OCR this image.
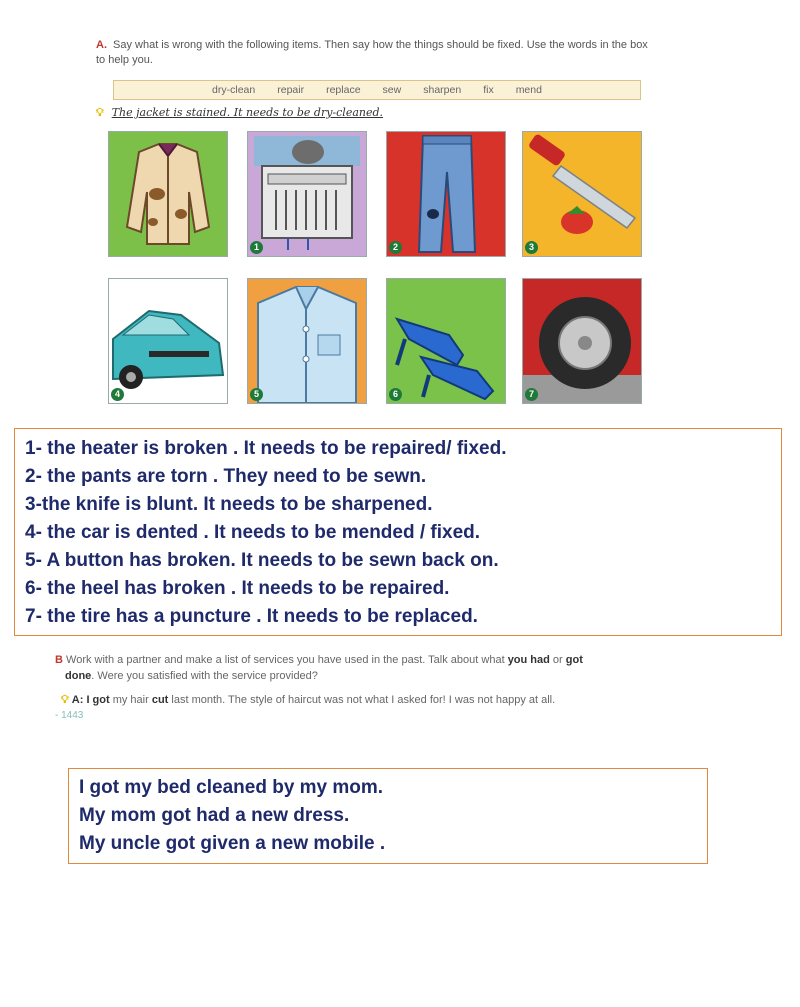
A. Say what is wrong with the following items. Then say how the things should be fixed. Use the words in the box to help you.
dry-clean repair replace sew sharpen fix mend
💡︎ The jacket is stained. It needs to be dry-cleaned.
1	2	3
4	5	6	7
1- the heater is broken . It needs to be repaired/ fixed.
2- the pants are torn . They need to be sewn.
3-the knife is blunt. It needs to be sharpened.
4- the car is dented . It needs to be mended / fixed.
5- A button has broken. It needs to be sewn back on.
6- the heel has broken . It needs to be repaired.
7- the tire has a puncture . It needs to be replaced.
B Work with a partner and make a list of services you have used in the past. Talk about what you had or got
done. Were you satisfied with the service provided?
💡︎ A: I got my hair cut last month. The style of haircut was not what I asked for! I was not happy at all.
- 1443
I got my bed cleaned by my mom.
My mom got had a new dress.
My uncle got given a new mobile .
